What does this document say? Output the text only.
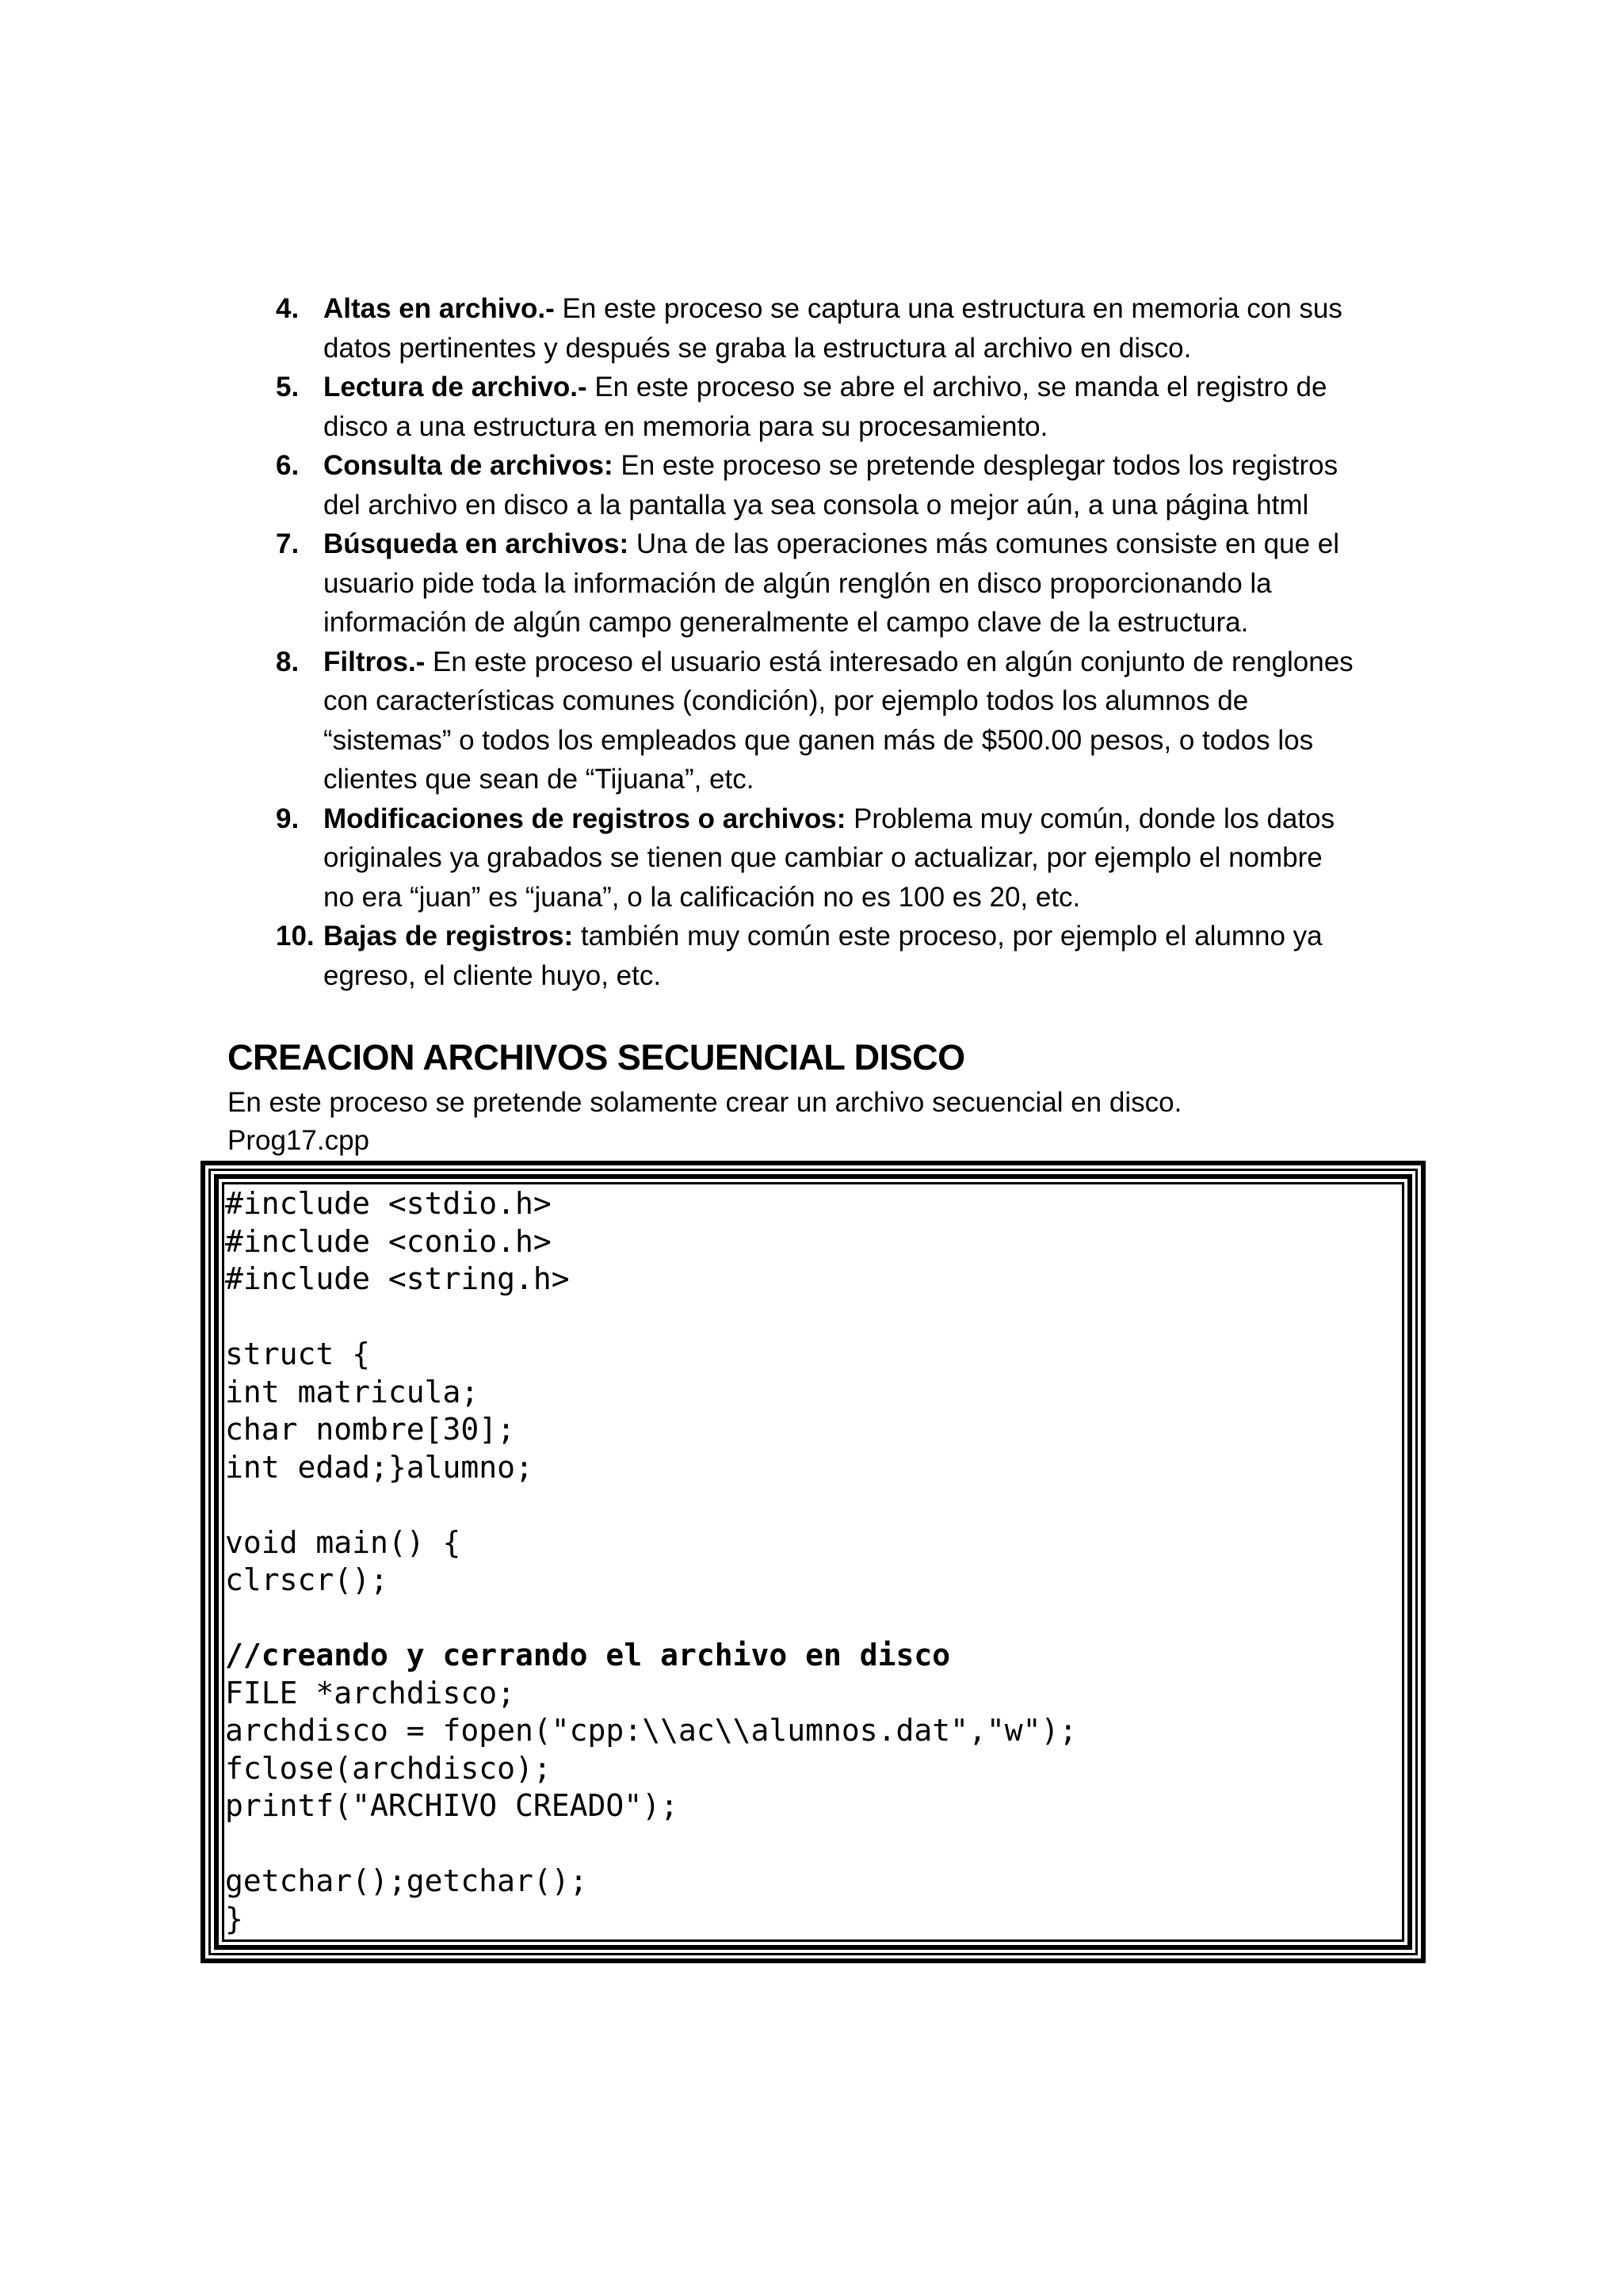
4. Altas en archivo.- En este proceso se captura una estructura en memoria con sus
datos pertinentes y después se graba la estructura al archivo en disco.
5. Lectura de archivo.- En este proceso se abre el archivo, se manda el registro de
disco a una estructura en memoria para su procesamiento.
6. Consulta de archivos: En este proceso se pretende desplegar todos los registros
del archivo en disco a la pantalla ya sea consola o mejor aún, a una página html
7. Búsqueda en archivos: Una de las operaciones más comunes consiste en que el
usuario pide toda la información de algún renglón en disco proporcionando la
información de algún campo generalmente el campo clave de la estructura.
8. Filtros.- En este proceso el usuario está interesado en algún conjunto de renglones
con características comunes (condición), por ejemplo todos los alumnos de
“sistemas” o todos los empleados que ganen más de $500.00 pesos, o todos los
clientes que sean de “Tijuana”, etc.
9. Modificaciones de registros o archivos: Problema muy común, donde los datos
originales ya grabados se tienen que cambiar o actualizar, por ejemplo el nombre
no era “juan” es “juana”, o la calificación no es 100 es 20, etc.
10. Bajas de registros: también muy común este proceso, por ejemplo el alumno ya
egreso, el cliente huyo, etc.
CREACION ARCHIVOS SECUENCIAL DISCO

En este proceso se pretende solamente crear un archivo secuencial en disco.

Prog17.cpp

#include <stdio.h>
#include <conio.h>
#include <string.h>
struct {
int matricula;
char nombre[30];
int edad;}alumno;
void main() {
clrscr();
//creando y cerrando el archivo en disco
FILE *archdisco;
archdisco = fopen("cpp:\\ac\\alumnos.dat","w");
fclose(archdisco);
printf("ARCHIVO CREADO");
getchar();getchar();
}
